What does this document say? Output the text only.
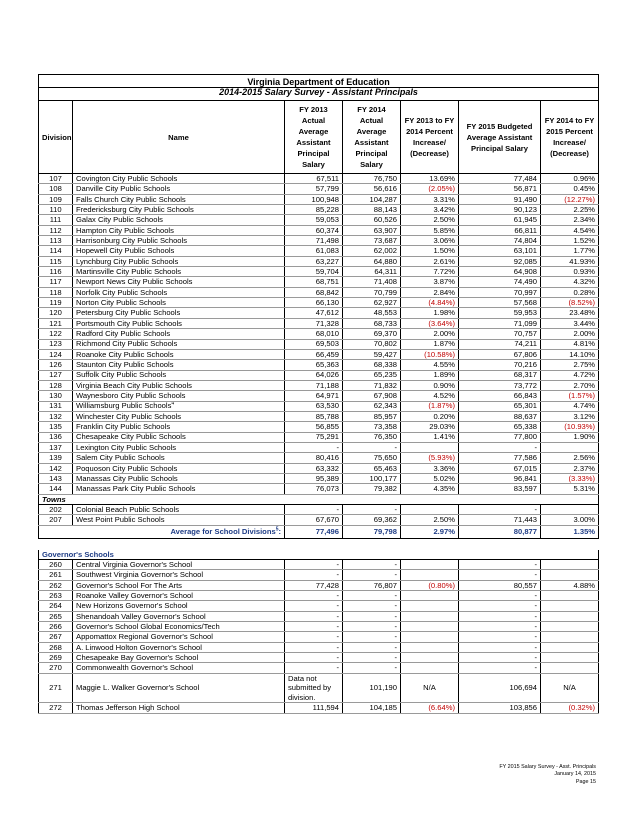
Virginia Department of Education						
2014-2015 Salary Survey - Assistant Principals						
Division	Name	FY 2013 Actual Average Assistant Principal Salary	FY 2014 Actual Average Assistant Principal Salary	FY 2013 to FY 2014 Percent Increase/ (Decrease)	FY 2015 Budgeted Average Assistant Principal Salary	FY 2014 to FY 2015 Percent Increase/ (Decrease)
107	Covington City Public Schools	67,511	76,750	13.69%	77,484	0.96%
108	Danville City Public Schools	57,799	56,616	(2.05%)	56,871	0.45%
109	Falls Church City Public Schools	100,948	104,287	3.31%	91,490	(12.27%)
110	Fredericksburg City Public Schools	85,228	88,143	3.42%	90,123	2.25%
111	Galax City Public Schools	59,053	60,526	2.50%	61,945	2.34%
112	Hampton City Public Schools	60,374	63,907	5.85%	66,811	4.54%
113	Harrisonburg City Public Schools	71,498	73,687	3.06%	74,804	1.52%
114	Hopewell City Public Schools	61,083	62,002	1.50%	63,101	1.77%
115	Lynchburg City Public Schools	63,227	64,880	2.61%	92,085	41.93%
116	Martinsville City Public Schools	59,704	64,311	7.72%	64,908	0.93%
117	Newport News City Public Schools	68,751	71,408	3.87%	74,490	4.32%
118	Norfolk City Public Schools	68,842	70,799	2.84%	70,997	0.28%
119	Norton City Public Schools	66,130	62,927	(4.84%)	57,568	(8.52%)
120	Petersburg City Public Schools	47,612	48,553	1.98%	59,953	23.48%
121	Portsmouth City Public Schools	71,328	68,733	(3.64%)	71,099	3.44%
122	Radford City Public Schools	68,010	69,370	2.00%	70,757	2.00%
123	Richmond City Public Schools	69,503	70,802	1.87%	74,211	4.81%
124	Roanoke City Public Schools	66,459	59,427	(10.58%)	67,806	14.10%
126	Staunton City Public Schools	65,363	68,338	4.55%	70,216	2.75%
127	Suffolk City Public Schools	64,026	65,235	1.89%	68,317	4.72%
128	Virginia Beach City Public Schools	71,188	71,832	0.90%	73,772	2.70%
130	Waynesboro City Public Schools	64,971	67,908	4.52%	66,843	(1.57%)
131	Williamsburg Public Schools$^4$	63,530	62,343	(1.87%)	65,301	4.74%
132	Winchester City Public Schools	85,788	85,957	0.20%	88,637	3.12%
135	Franklin City Public Schools	56,855	73,358	29.03%	65,338	(10.93%)
136	Chesapeake City Public Schools	75,291	76,350	1.41%	77,800	1.90%
137	Lexington City Public Schools	-	-		-	
139	Salem City Public Schools	80,416	75,650	(5.93%)	77,586	2.56%
142	Poquoson City Public Schools	63,332	65,463	3.36%	67,015	2.37%
143	Manassas City Public Schools	95,389	100,177	5.02%	96,841	(3.33%)
144	Manassas Park City Public Schools	76,073	79,382	4.35%	83,597	5.31%
Towns						
202	Colonial Beach Public Schools	-	-		-	
207	West Point Public Schools	67,670	69,362	2.50%	71,443	3.00%
Average for School Divisions$^5$:		77,496	79,798	2.97%	80,877	1.35%

Governor's Schools						
260	Central Virginia Governor's School	-	-		-	
261	Southwest Virginia Governor's School	-	-		-	
262	Governor's School For The Arts	77,428	76,807	(0.80%)	80,557	4.88%
263	Roanoke Valley Governor's School	-	-		-	
264	New Horizons Governor's School	-	-		-	
265	Shenandoah Valley Governor's School	-	-		-	
266	Governor's School Global Economics/Tech	-	-		-	
267	Appomattox Regional Governor's School	-	-		-	
268	A. Linwood Holton Governor's School	-	-		-	
269	Chesapeake Bay Governor's School	-	-		-	
270	Commonwealth Governor's School	-	-		-	
271	Maggie L. Walker Governor's School	Data not submitted by division.	101,190	N/A	106,694	N/A
272	Thomas Jefferson High School	111,594	104,185	(6.64%)	103,856	(0.32%)
FY 2015 Salary Survey - Asst. Principals
January 14, 2015
Page 15
